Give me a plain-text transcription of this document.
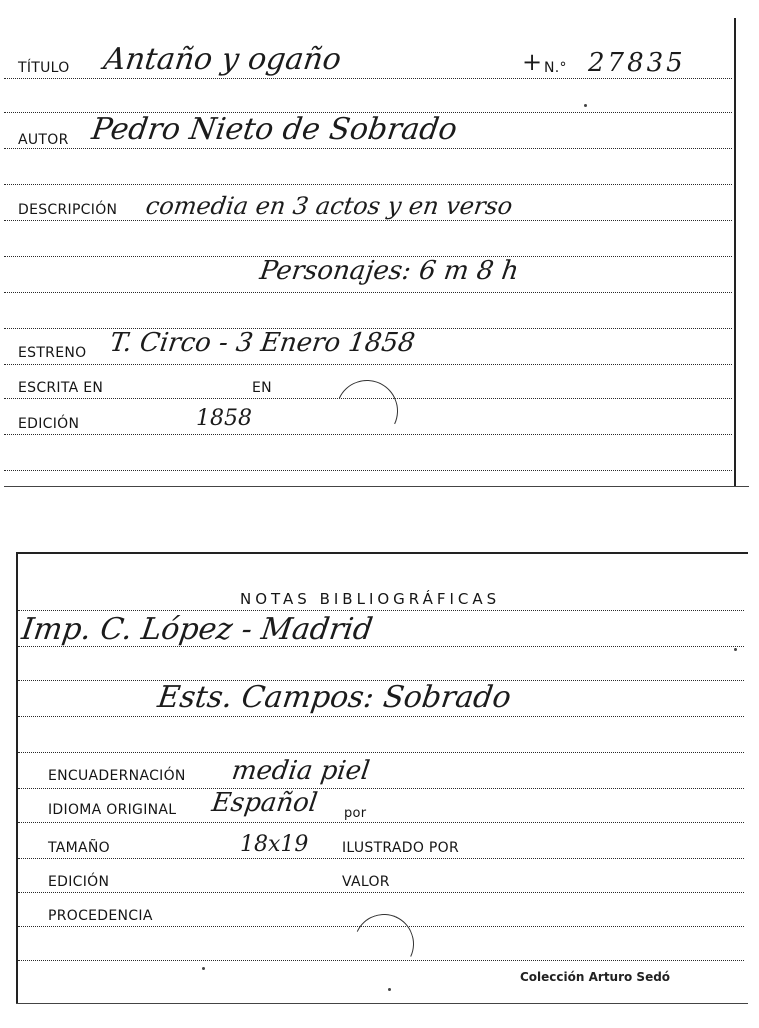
TÍTULO Antaño y ogaño	+ N.° 27835
AUTOR Pedro Nieto de Sobrado
DESCRIPCIÓN comedia en 3 actos y en verso
Personajes: 6 m 8 h
ESTRENO T. Circo - 3 Enero 1858
ESCRITA EN	EN
EDICIÓN	1858
NOTAS BIBLIOGRÁFICAS
Imp. C. López - Madrid
Ests. Campos: Sobrado
ENCUADERNACIÓN media piel
IDIOMA ORIGINAL Español por
TAMAÑO	18x19 ILUSTRADO POR
EDICIÓN	VALOR
PROCEDENCIA
Colección Arturo Sedó
